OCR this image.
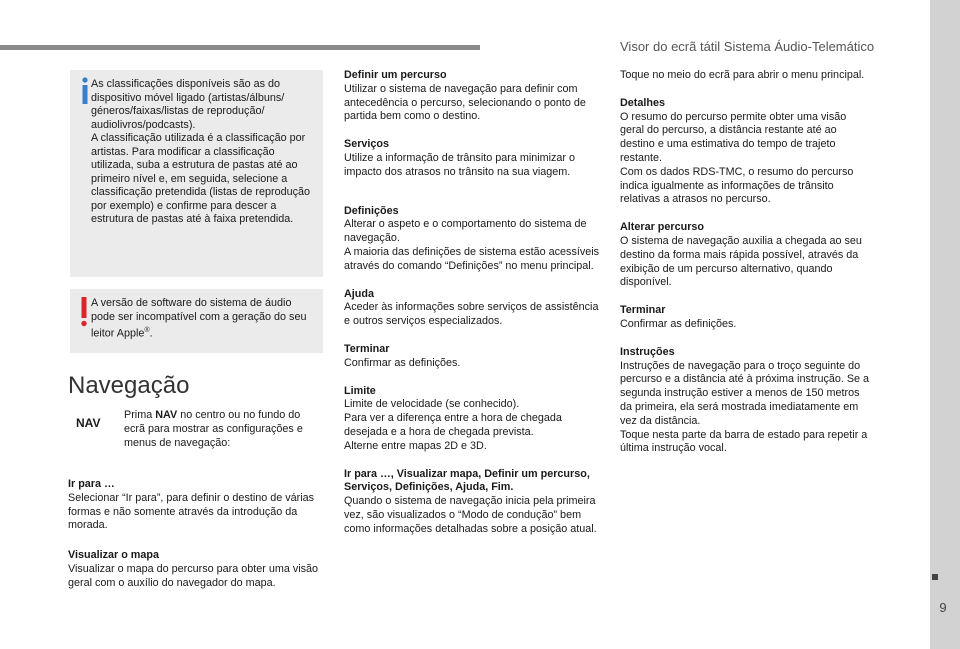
Visor do ecrã tátil Sistema Áudio-Telemático
9
As classificações disponíveis são as do dispositivo móvel ligado (artistas/álbuns/ géneros/faixas/listas de reprodução/ audiolivros/podcasts).
A classificação utilizada é a classificação por artistas. Para modificar a classificação utilizada, suba a estrutura de pastas até ao primeiro nível e, em seguida, selecione a classificação pretendida (listas de reprodução por exemplo) e confirme para descer a estrutura de pastas até à faixa pretendida.
A versão de software do sistema de áudio pode ser incompatível com a geração do seu leitor Apple®.
Navegação
NAV
Prima NAV no centro ou no fundo do ecrã para mostrar as configurações e menus de navegação:
Ir para …
Selecionar “Ir para”, para definir o destino de várias formas e não somente através da introdução da morada.
Visualizar o mapa
Visualizar o mapa do percurso para obter uma visão geral com o auxílio do navegador do mapa.
Definir um percurso
Utilizar o sistema de navegação para definir com antecedência o percurso, selecionando o ponto de partida bem como o destino.
Serviços
Utilize a informação de trânsito para minimizar o impacto dos atrasos no trânsito na sua viagem.
Definições
Alterar o aspeto e o comportamento do sistema de navegação.
A maioria das definições de sistema estão acessíveis através do comando “Definições” no menu principal.
Ajuda
Aceder às informações sobre serviços de assistência e outros serviços especializados.
Terminar
Confirmar as definições.
Limite
Limite de velocidade (se conhecido).
Para ver a diferença entre a hora de chegada desejada e a hora de chegada prevista.
Alterne entre mapas 2D e 3D.
Ir para …, Visualizar mapa, Definir um percurso, Serviços, Definições, Ajuda, Fim.
Quando o sistema de navegação inicia pela primeira vez, são visualizados o “Modo de condução” bem como informações detalhadas sobre a posição atual.
Toque no meio do ecrã para abrir o menu principal.
Detalhes
O resumo do percurso permite obter uma visão geral do percurso, a distância restante até ao destino e uma estimativa do tempo de trajeto restante.
Com os dados RDS-TMC, o resumo do percurso indica igualmente as informações de trânsito relativas a atrasos no percurso.
Alterar percurso
O sistema de navegação auxilia a chegada ao seu destino da forma mais rápida possível, através da exibição de um percurso alternativo, quando disponível.
Terminar
Confirmar as definições.
Instruções
Instruções de navegação para o troço seguinte do percurso e a distância até à próxima instrução. Se a segunda instrução estiver a menos de 150 metros da primeira, ela será mostrada imediatamente em vez da distância.
Toque nesta parte da barra de estado para repetir a última instrução vocal.
